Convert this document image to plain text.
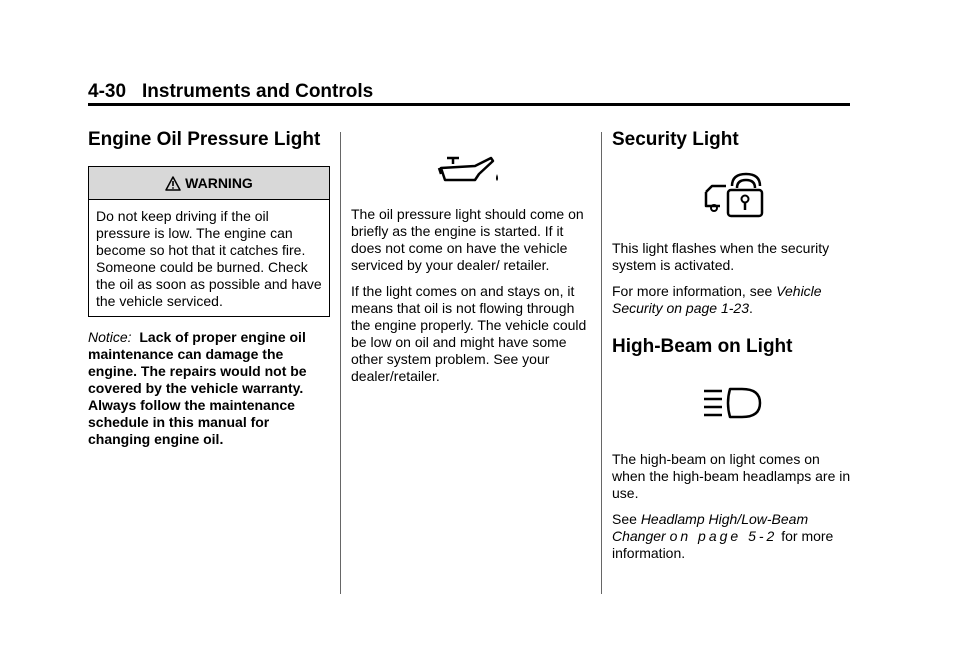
4-30 Instruments and Controls
Engine Oil Pressure Light
WARNING
Do not keep driving if the oil pressure is low. The engine can become so hot that it catches fire. Someone could be burned. Check the oil as soon as possible and have the vehicle serviced.
Notice: Lack of proper engine oil maintenance can damage the engine. The repairs would not be covered by the vehicle warranty. Always follow the maintenance schedule in this manual for changing engine oil.

The oil pressure light should come on briefly as the engine is started. If it does not come on have the vehicle serviced by your dealer/ retailer.

If the light comes on and stays on, it means that oil is not flowing through the engine properly. The vehicle could be low on oil and might have some other system problem. See your dealer/retailer.

Security Light

This light flashes when the security system is activated.

For more information, see Vehicle Security on page 1-23.

High-Beam on Light

The high-beam on light comes on when the high-beam headlamps are in use.

See Headlamp High/Low-Beam Changer on page 5-2 for more information.
